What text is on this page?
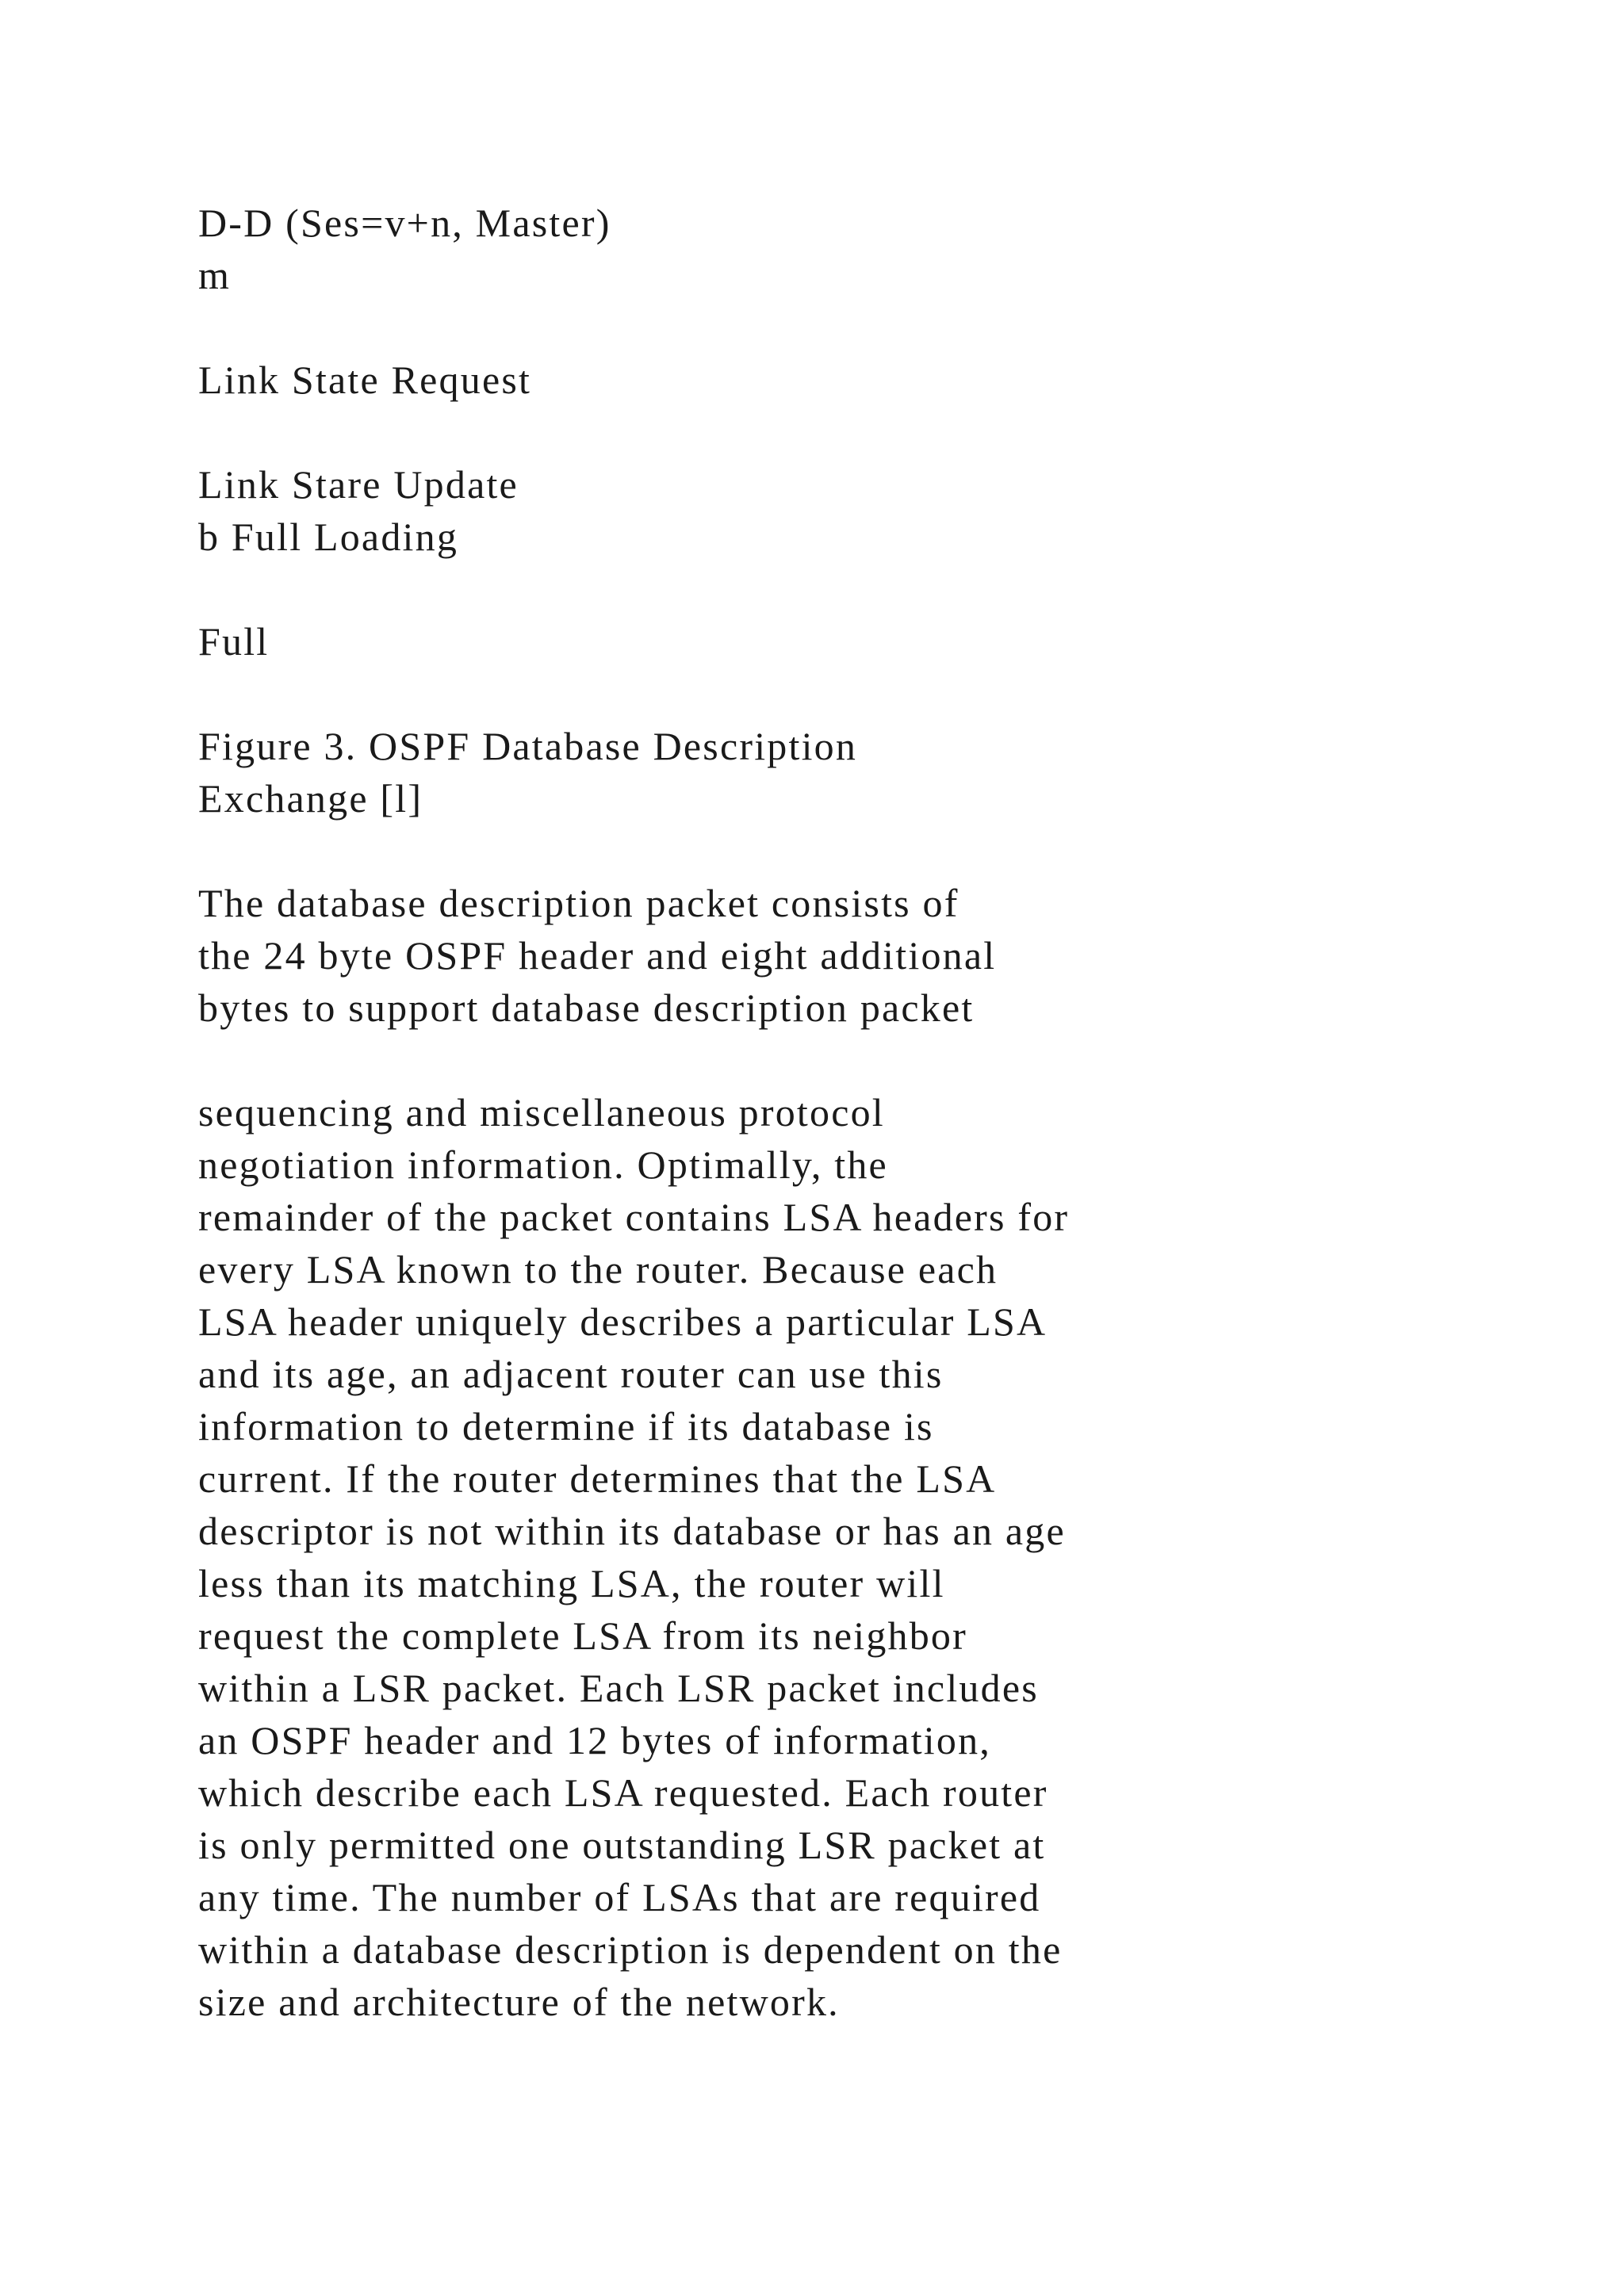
D-D (Ses=v+n, Master)
m
Link State Request
Link Stare Update
b Full Loading
Full
Figure 3. OSPF Database Description
Exchange [l]
The database description packet consists of
the 24 byte OSPF header and eight additional
bytes to support database description packet
sequencing and miscellaneous protocol
negotiation information. Optimally, the
remainder of the packet contains LSA headers for
every LSA known to the router. Because each
LSA header uniquely describes a particular LSA
and its age, an adjacent router can use this
information to determine if its database is
current. If the router determines that the LSA
descriptor is not within its database or has an age
less than its matching LSA, the router will
request the complete LSA from its neighbor
within a LSR packet. Each LSR packet includes
an OSPF header and 12 bytes of information,
which describe each LSA requested. Each router
is only permitted one outstanding LSR packet at
any time. The number of LSAs that are required
within a database description is dependent on the
size and architecture of the network.
